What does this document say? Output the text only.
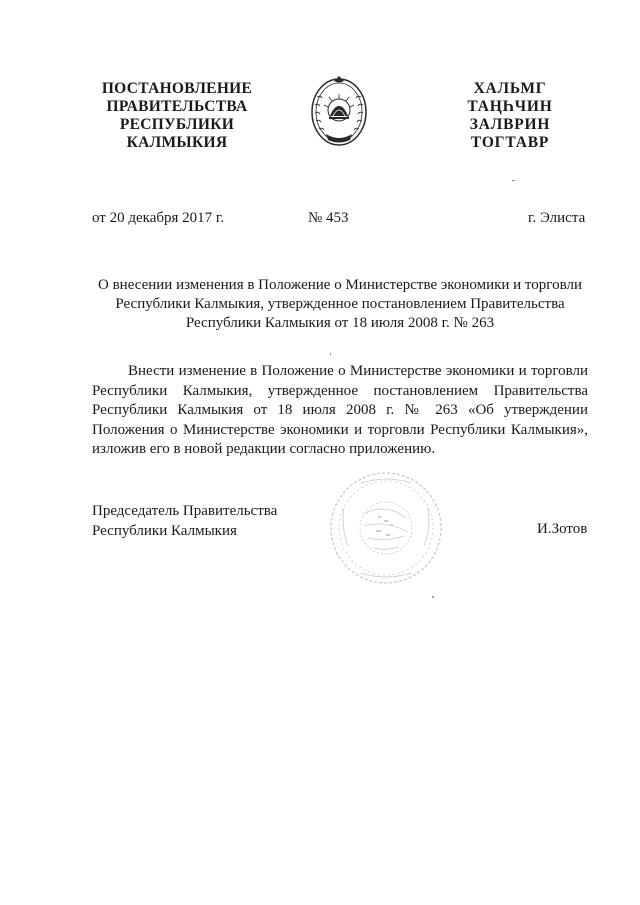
ПОСТАНОВЛЕНИЕ
ПРАВИТЕЛЬСТВА
РЕСПУБЛИКИ
КАЛМЫКИЯ
ХАЛЬМГ
ТАҢҺЧИН
ЗАЛВРИН
ТОГТАВР
от 20 декабря 2017 г.	№ 453	г. Элиста
О внесении изменения в Положение о Министерстве экономики и торговли
Республики Калмыкия, утвержденное постановлением Правительства
Республики Калмыкия от 18 июля 2008 г. № 263
Внести изменение в Положение о Министерстве экономики и торговли Республики Калмыкия, утвержденное постановлением Правительства Республики Калмыкия от 18 июля 2008 г. № 263 «Об утверждении Положения о Министерстве экономики и торговли Республики Калмыкия», изложив его в новой редакции согласно приложению.
Председатель Правительства
Республики Калмыкия	И.Зотов
